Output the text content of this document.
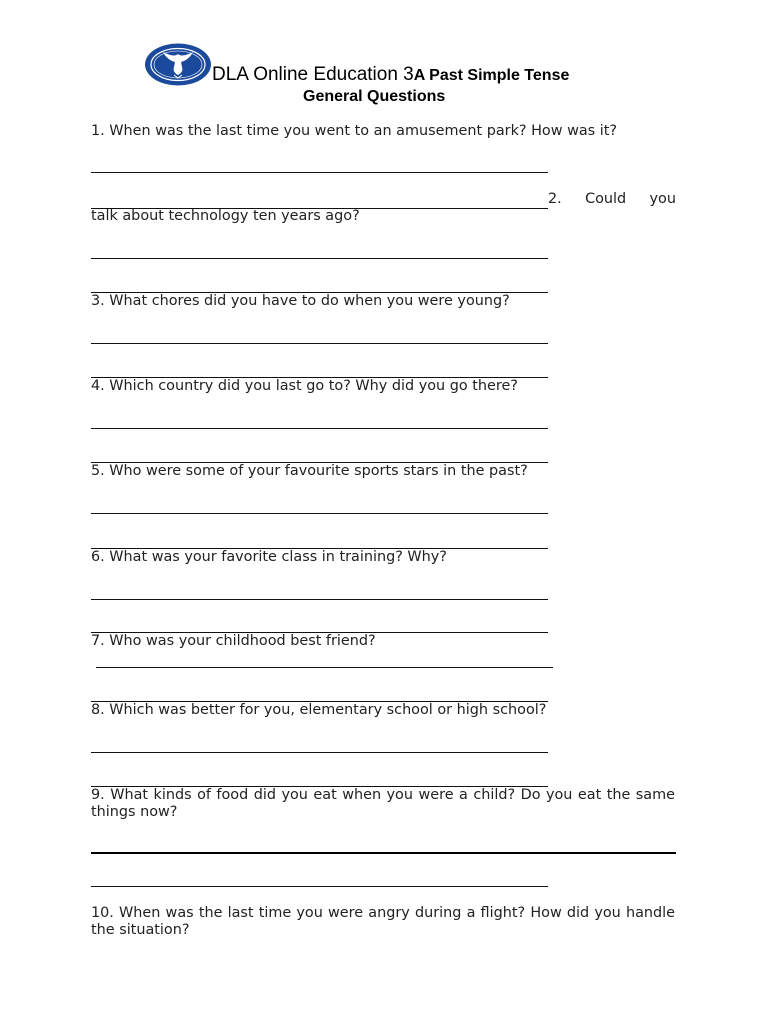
DLA Online Education 3A Past Simple Tense
General Questions
1. When was the last time you went to an amusement park? How was it?
2. Could you
talk about technology ten years ago?
3. What chores did you have to do when you were young?
4. Which country did you last go to? Why did you go there?
5. Who were some of your favourite sports stars in the past?
6. What was your favorite class in training? Why?
7. Who was your childhood best friend?
8. Which was better for you, elementary school or high school?
9. What kinds of food did you eat when you were a child? Do you eat the same things now?
10. When was the last time you were angry during a flight? How did you handle the situation?
